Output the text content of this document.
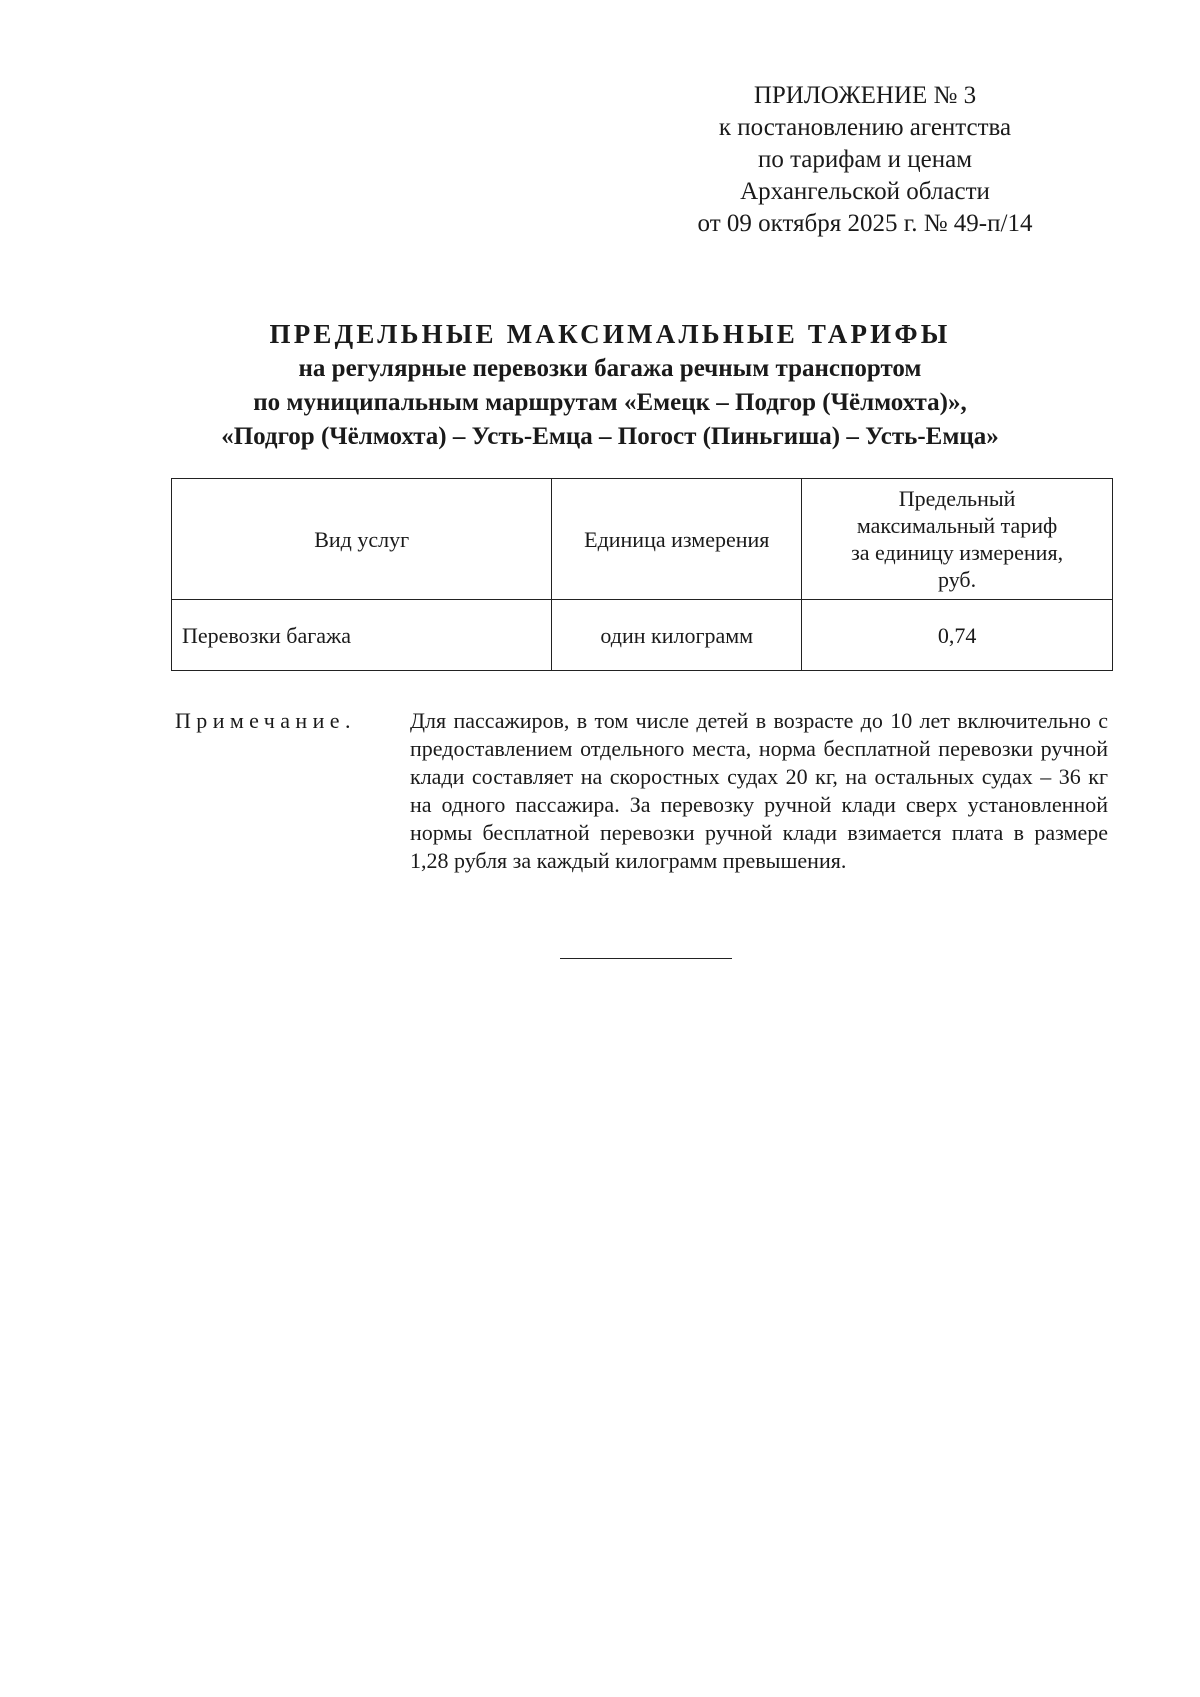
ПРИЛОЖЕНИЕ № 3
к постановлению агентства
по тарифам и ценам
Архангельской области
от 09 октября 2025 г. № 49-п/14
ПРЕДЕЛЬНЫЕ МАКСИМАЛЬНЫЕ ТАРИФЫ
на регулярные перевозки багажа речным транспортом
по муниципальным маршрутам «Емецк – Подгор (Чёлмохта)»,
«Подгор (Чёлмохта) – Усть-Емца – Погост (Пиньгиша) – Усть-Емца»
Вид услуг	Единица измерения	Предельный
максимальный тариф
за единицу измерения,
руб.

Перевозки багажа	один килограмм	0,74
Примечание. Для пассажиров, в том числе детей в возрасте до 10 лет включительно с предоставлением отдельного места, норма бесплатной перевозки ручной клади составляет на скоростных судах 20 кг, на остальных судах – 36 кг на одного пассажира. За перевозку ручной клади сверх установленной нормы бесплатной перевозки ручной клади взимается плата в размере 1,28 рубля за каждый килограмм превышения.
